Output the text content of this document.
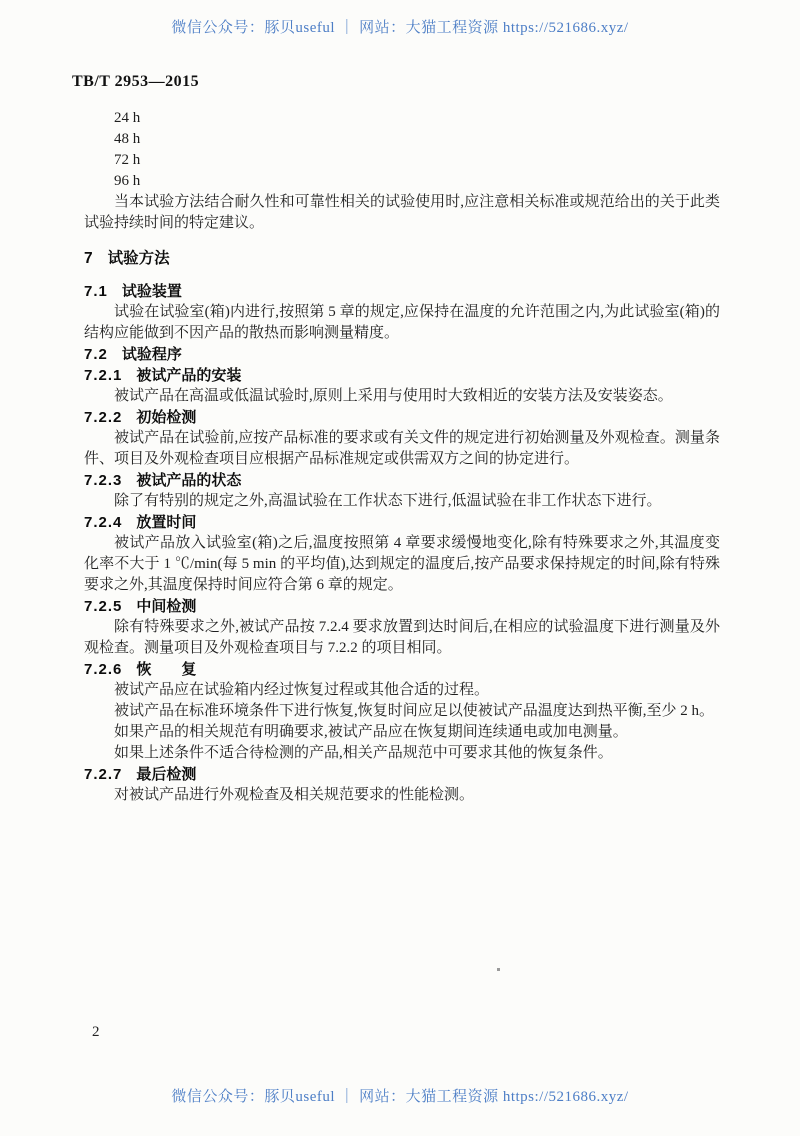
微信公众号：豚贝useful ｜ 网站：大猫工程资源 https://521686.xyz/
TB/T 2953—2015
24 h
48 h
72 h
96 h

当本试验方法结合耐久性和可靠性相关的试验使用时,应注意相关标准或规范给出的关于此类试验持续时间的特定建议。

7 试验方法
7.1 试验装置

试验在试验室(箱)内进行,按照第 5 章的规定,应保持在温度的允许范围之内,为此试验室(箱)的结构应能做到不因产品的散热而影响测量精度。

7.2 试验程序
7.2.1 被试产品的安装

被试产品在高温或低温试验时,原则上采用与使用时大致相近的安装方法及安装姿态。

7.2.2 初始检测

被试产品在试验前,应按产品标准的要求或有关文件的规定进行初始测量及外观检查。测量条件、项目及外观检查项目应根据产品标准规定或供需双方之间的协定进行。

7.2.3 被试产品的状态

除了有特别的规定之外,高温试验在工作状态下进行,低温试验在非工作状态下进行。

7.2.4 放置时间

被试产品放入试验室(箱)之后,温度按照第 4 章要求缓慢地变化,除有特殊要求之外,其温度变化率不大于 1 ℃/min(每 5 min 的平均值),达到规定的温度后,按产品要求保持规定的时间,除有特殊要求之外,其温度保持时间应符合第 6 章的规定。

7.2.5 中间检测

除有特殊要求之外,被试产品按 7.2.4 要求放置到达时间后,在相应的试验温度下进行测量及外观检查。测量项目及外观检查项目与 7.2.2 的项目相同。

7.2.6 恢　　复

被试产品应在试验箱内经过恢复过程或其他合适的过程。

被试产品在标准环境条件下进行恢复,恢复时间应足以使被试产品温度达到热平衡,至少 2 h。

如果产品的相关规范有明确要求,被试产品应在恢复期间连续通电或加电测量。

如果上述条件不适合待检测的产品,相关产品规范中可要求其他的恢复条件。

7.2.7 最后检测

对被试产品进行外观检查及相关规范要求的性能检测。

2
微信公众号：豚贝useful ｜ 网站：大猫工程资源 https://521686.xyz/
